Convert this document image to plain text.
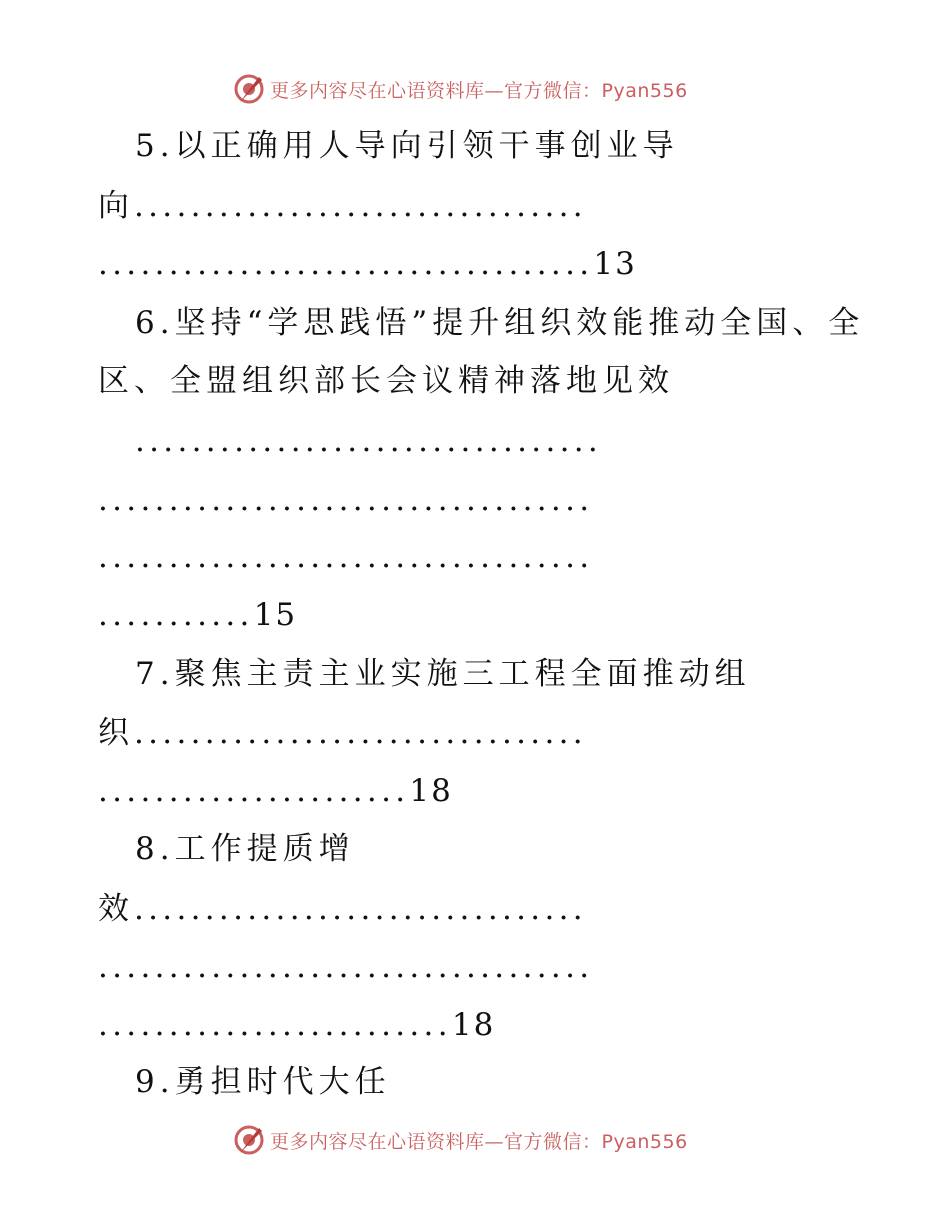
更多内容尽在心语资料库—官方微信：Pyan556
5.以正确用人导向引领干事创业导
向................................
...................................13
6.坚持“学思践悟”提升组织效能推动全国、全
区、全盟组织部长会议精神落地见效
.................................
...................................
...................................
...........15
7.聚焦主责主业实施三工程全面推动组
织................................
......................18
8.工作提质增
效................................
...................................
.........................18
9.勇担时代大任
更多内容尽在心语资料库—官方微信：Pyan556
